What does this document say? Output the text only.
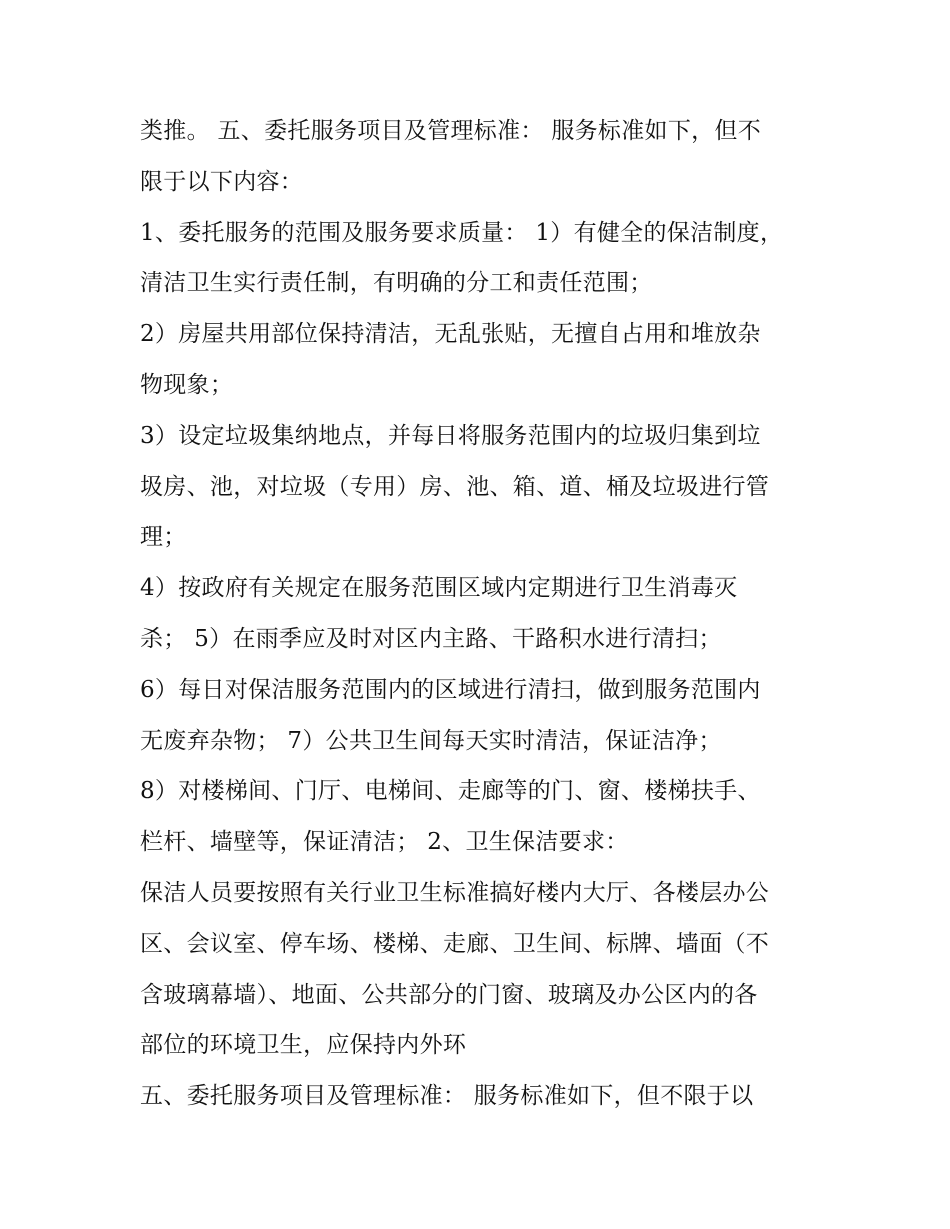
类推。 五、委托服务项目及管理标准： 服务标准如下，但不
限于以下内容：
1、委托服务的范围及服务要求质量： 1）有健全的保洁制度，
清洁卫生实行责任制，有明确的分工和责任范围；
2）房屋共用部位保持清洁，无乱张贴，无擅自占用和堆放杂
物现象；
3）设定垃圾集纳地点，并每日将服务范围内的垃圾归集到垃
圾房、池，对垃圾（专用）房、池、箱、道、桶及垃圾进行管
理；
4）按政府有关规定在服务范围区域内定期进行卫生消毒灭
杀； 5）在雨季应及时对区内主路、干路积水进行清扫；
6）每日对保洁服务范围内的区域进行清扫，做到服务范围内
无废弃杂物； 7）公共卫生间每天实时清洁，保证洁净；
8）对楼梯间、门厅、电梯间、走廊等的门、窗、楼梯扶手、
栏杆、墙壁等，保证清洁； 2、卫生保洁要求：
保洁人员要按照有关行业卫生标准搞好楼内大厅、各楼层办公
区、会议室、停车场、楼梯、走廊、卫生间、标牌、墙面（不
含玻璃幕墙）、地面、公共部分的门窗、玻璃及办公区内的各
部位的环境卫生，应保持内外环
五、委托服务项目及管理标准： 服务标准如下，但不限于以
